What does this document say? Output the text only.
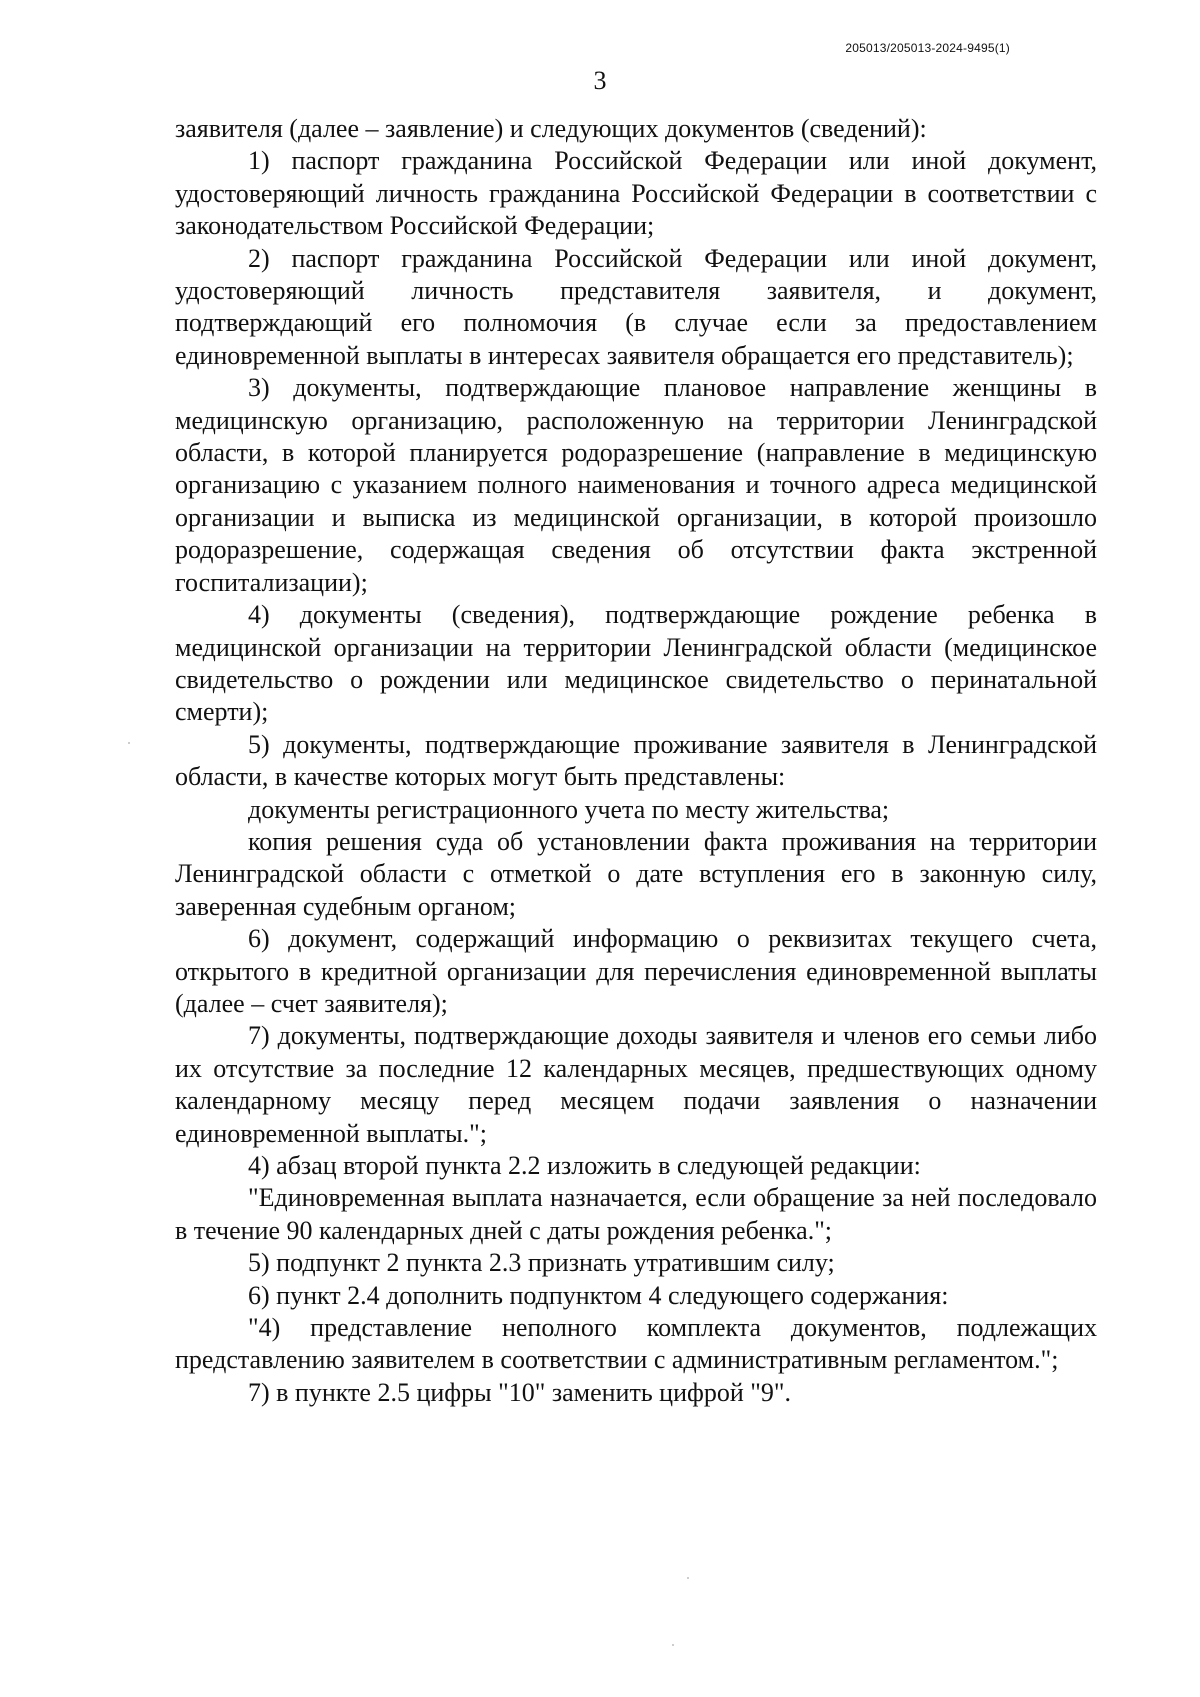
205013/205013-2024-9495(1)
3

заявителя (далее – заявление) и следующих документов (сведений):

1) паспорт гражданина Российской Федерации или иной документ, удостоверяющий личность гражданина Российской Федерации в соответствии с законодательством Российской Федерации;

2) паспорт гражданина Российской Федерации или иной документ, удостоверяющий личность представителя заявителя, и документ, подтверждающий его полномочия (в случае если за предоставлением единовременной выплаты в интересах заявителя обращается его представитель);

3) документы, подтверждающие плановое направление женщины в медицинскую организацию, расположенную на территории Ленинградской области, в которой планируется родоразрешение (направление в медицинскую организацию с указанием полного наименования и точного адреса медицинской организации и выписка из медицинской организации, в которой произошло родоразрешение, содержащая сведения об отсутствии факта экстренной госпитализации);

4) документы (сведения), подтверждающие рождение ребенка в медицинской организации на территории Ленинградской области (медицинское свидетельство о рождении или медицинское свидетельство о перинатальной смерти);

5) документы, подтверждающие проживание заявителя в Ленинградской области, в качестве которых могут быть представлены:

документы регистрационного учета по месту жительства;

копия решения суда об установлении факта проживания на территории Ленинградской области с отметкой о дате вступления его в законную силу, заверенная судебным органом;

6) документ, содержащий информацию о реквизитах текущего счета, открытого в кредитной организации для перечисления единовременной выплаты (далее – счет заявителя);

7) документы, подтверждающие доходы заявителя и членов его семьи либо их отсутствие за последние 12 календарных месяцев, предшествующих одному календарному месяцу перед месяцем подачи заявления о назначении единовременной выплаты.";

4) абзац второй пункта 2.2 изложить в следующей редакции:

"Единовременная выплата назначается, если обращение за ней последовало в течение 90 календарных дней с даты рождения ребенка.";

5) подпункт 2 пункта 2.3 признать утратившим силу;

6) пункт 2.4 дополнить подпунктом 4 следующего содержания:

"4) представление неполного комплекта документов, подлежащих представлению заявителем в соответствии с административным регламентом.";

7) в пункте 2.5 цифры "10" заменить цифрой "9".
